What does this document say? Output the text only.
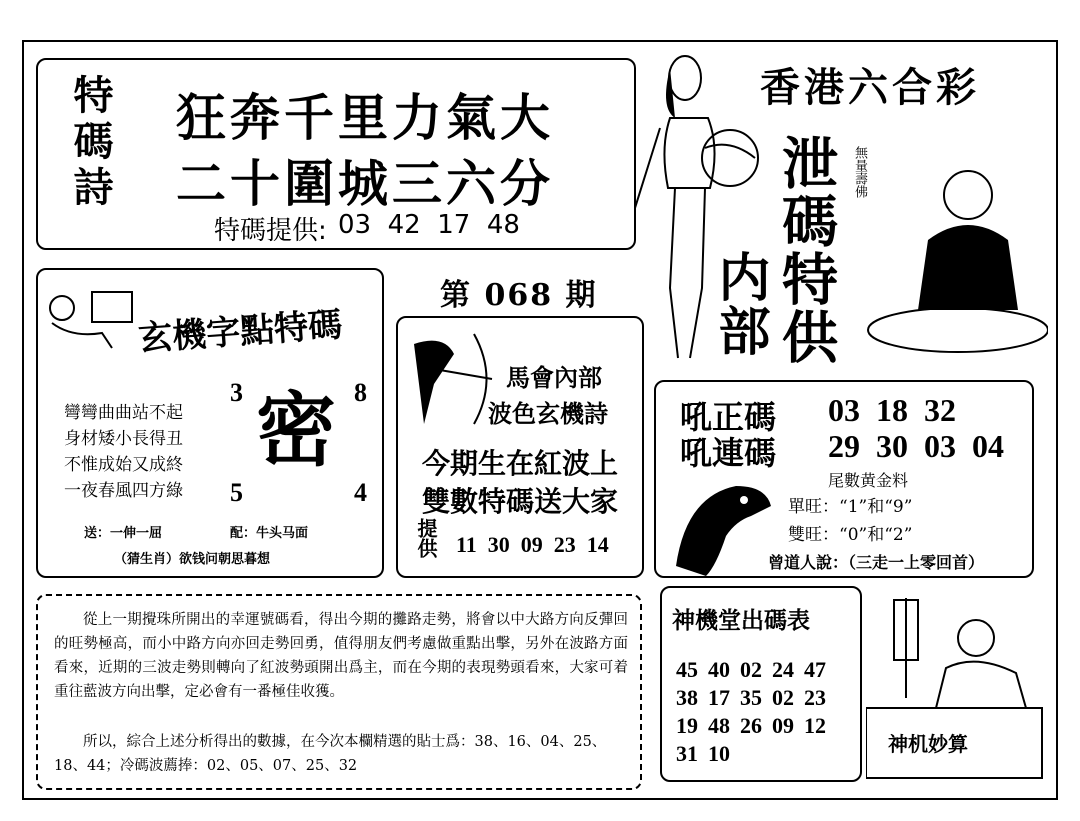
特碼詩 狂奔千里力氣大
二十圍城三六分
特碼提供: 03  42  17  48
香港六合彩
泄碼特供
内部
無量壽佛
第 068 期
玄機字點特碼
3	8
5	4
密
彎彎曲曲站不起
身材矮小長得丑
不惟成始又成終
一夜春風四方綠
送：一伸一屈	配：牛头马面
（猜生肖）欲钱问朝思暮想
馬會內部
波色玄機詩
今期生在紅波上
雙數特碼送大家
提供 11  30  09  23  14
吼正碼 03  18  32
吼連碼 29  30  03  04
尾數黄金料
單旺：“1”和“9”
雙旺：“0”和“2”
曾道人說：（三走一上零回首）
從上一期攪珠所開出的幸運號碼看，得出今期的攤路走勢，將會以中大路方向反彈回的旺勢極高，而小中路方向亦回走勢回勇，值得朋友們考慮做重點出擊，另外在波路方面看來，近期的三波走勢則轉向了紅波勢頭開出爲主，而在今期的表現勢頭看來，大家可着重往藍波方向出擊，定必會有一番極佳收獲。
所以，綜合上述分析得出的數據，在今次本欄精選的貼士爲：38、16、04、25、18、44；冷碼波薦捧：02、05、07、25、32
神機堂出碼表
45 40 02 24 47
38 17 35 02 23
19 48 26 09 12
31 10	神机妙算
